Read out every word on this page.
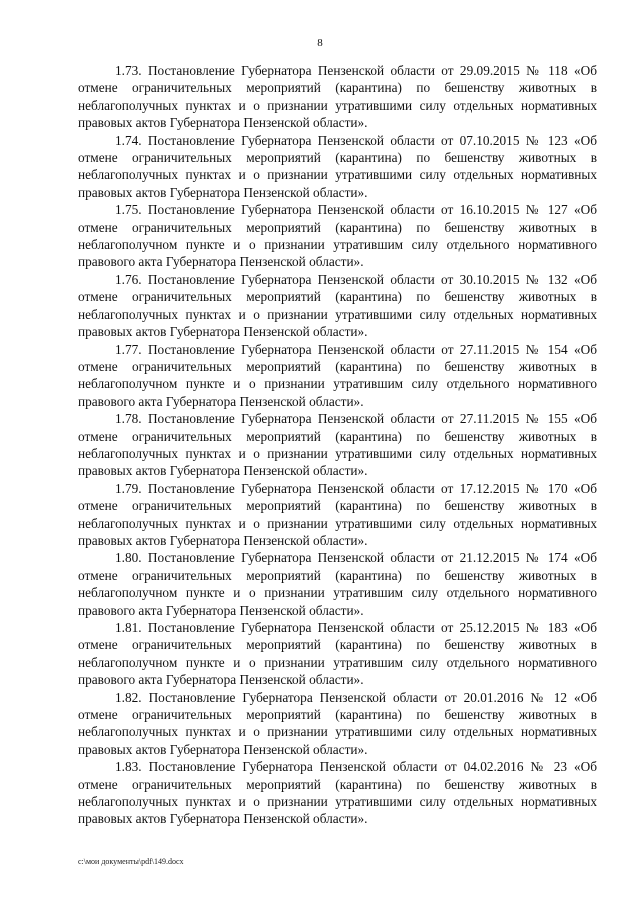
8

1.73. Постановление Губернатора Пензенской области от 29.09.2015 № 118 «Об отмене ограничительных мероприятий (карантина) по бешенству животных в неблагополучных пунктах и о признании утратившими силу отдельных нормативных правовых актов Губернатора Пензенской области».

1.74. Постановление Губернатора Пензенской области от 07.10.2015 № 123 «Об отмене ограничительных мероприятий (карантина) по бешенству животных в неблагополучных пунктах и о признании утратившими силу отдельных нормативных правовых актов Губернатора Пензенской области».

1.75. Постановление Губернатора Пензенской области от 16.10.2015 № 127 «Об отмене ограничительных мероприятий (карантина) по бешенству животных в неблагополучном пункте и о признании утратившим силу отдельного нормативного правового акта Губернатора Пензенской области».

1.76. Постановление Губернатора Пензенской области от 30.10.2015 № 132 «Об отмене ограничительных мероприятий (карантина) по бешенству животных в неблагополучных пунктах и о признании утратившими силу отдельных нормативных правовых актов Губернатора Пензенской области».

1.77. Постановление Губернатора Пензенской области от 27.11.2015 № 154 «Об отмене ограничительных мероприятий (карантина) по бешенству животных в неблагополучном пункте и о признании утратившим силу отдельного нормативного правового акта Губернатора Пензенской области».

1.78. Постановление Губернатора Пензенской области от 27.11.2015 № 155 «Об отмене ограничительных мероприятий (карантина) по бешенству животных в неблагополучных пунктах и о признании утратившими силу отдельных нормативных правовых актов Губернатора Пензенской области».

1.79. Постановление Губернатора Пензенской области от 17.12.2015 № 170 «Об отмене ограничительных мероприятий (карантина) по бешенству животных в неблагополучных пунктах и о признании утратившими силу отдельных нормативных правовых актов Губернатора Пензенской области».

1.80. Постановление Губернатора Пензенской области от 21.12.2015 № 174 «Об отмене ограничительных мероприятий (карантина) по бешенству животных в неблагополучном пункте и о признании утратившим силу отдельного нормативного правового акта Губернатора Пензенской области».

1.81. Постановление Губернатора Пензенской области от 25.12.2015 № 183 «Об отмене ограничительных мероприятий (карантина) по бешенству животных в неблагополучном пункте и о признании утратившим силу отдельного нормативного правового акта Губернатора Пензенской области».

1.82. Постановление Губернатора Пензенской области от 20.01.2016 № 12 «Об отмене ограничительных мероприятий (карантина) по бешенству животных в неблагополучных пунктах и о признании утратившими силу отдельных нормативных правовых актов Губернатора Пензенской области».

1.83. Постановление Губернатора Пензенской области от 04.02.2016 № 23 «Об отмене ограничительных мероприятий (карантина) по бешенству животных в неблагополучных пунктах и о признании утратившими силу отдельных нормативных правовых актов Губернатора Пензенской области».

c:\мои документы\pdf\149.docx
